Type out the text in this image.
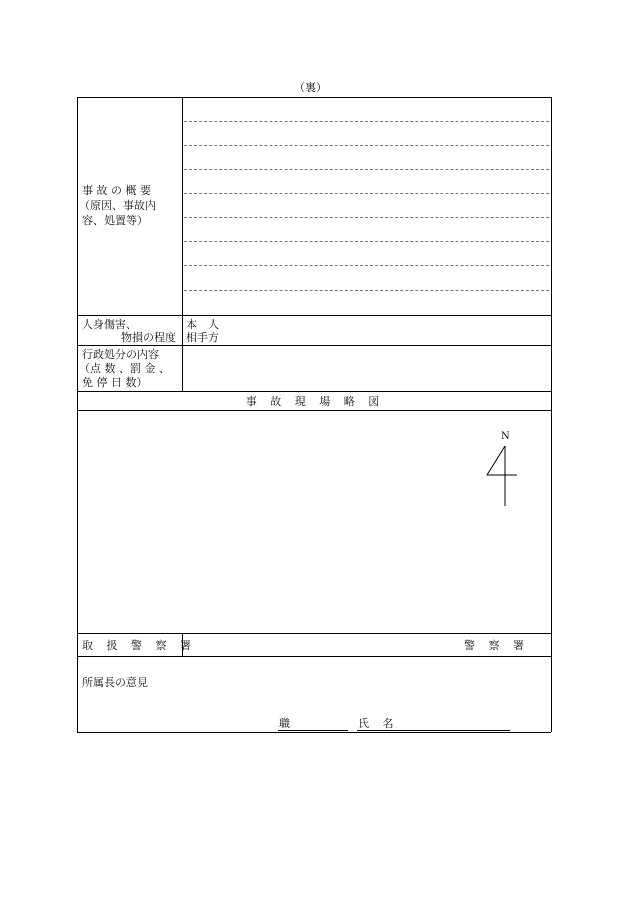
（裏）
事 故 の 概 要
（原因、事故内
容、処置等）
人身傷害、
物損の程度
本　人
相手方
行政処分の内容
（点 数 、罰 金 、
免 停 日 数）
事 故 現 場 略 図
N
取 扱 警 察 署	警 察 署
所属長の意見
職	氏 名
